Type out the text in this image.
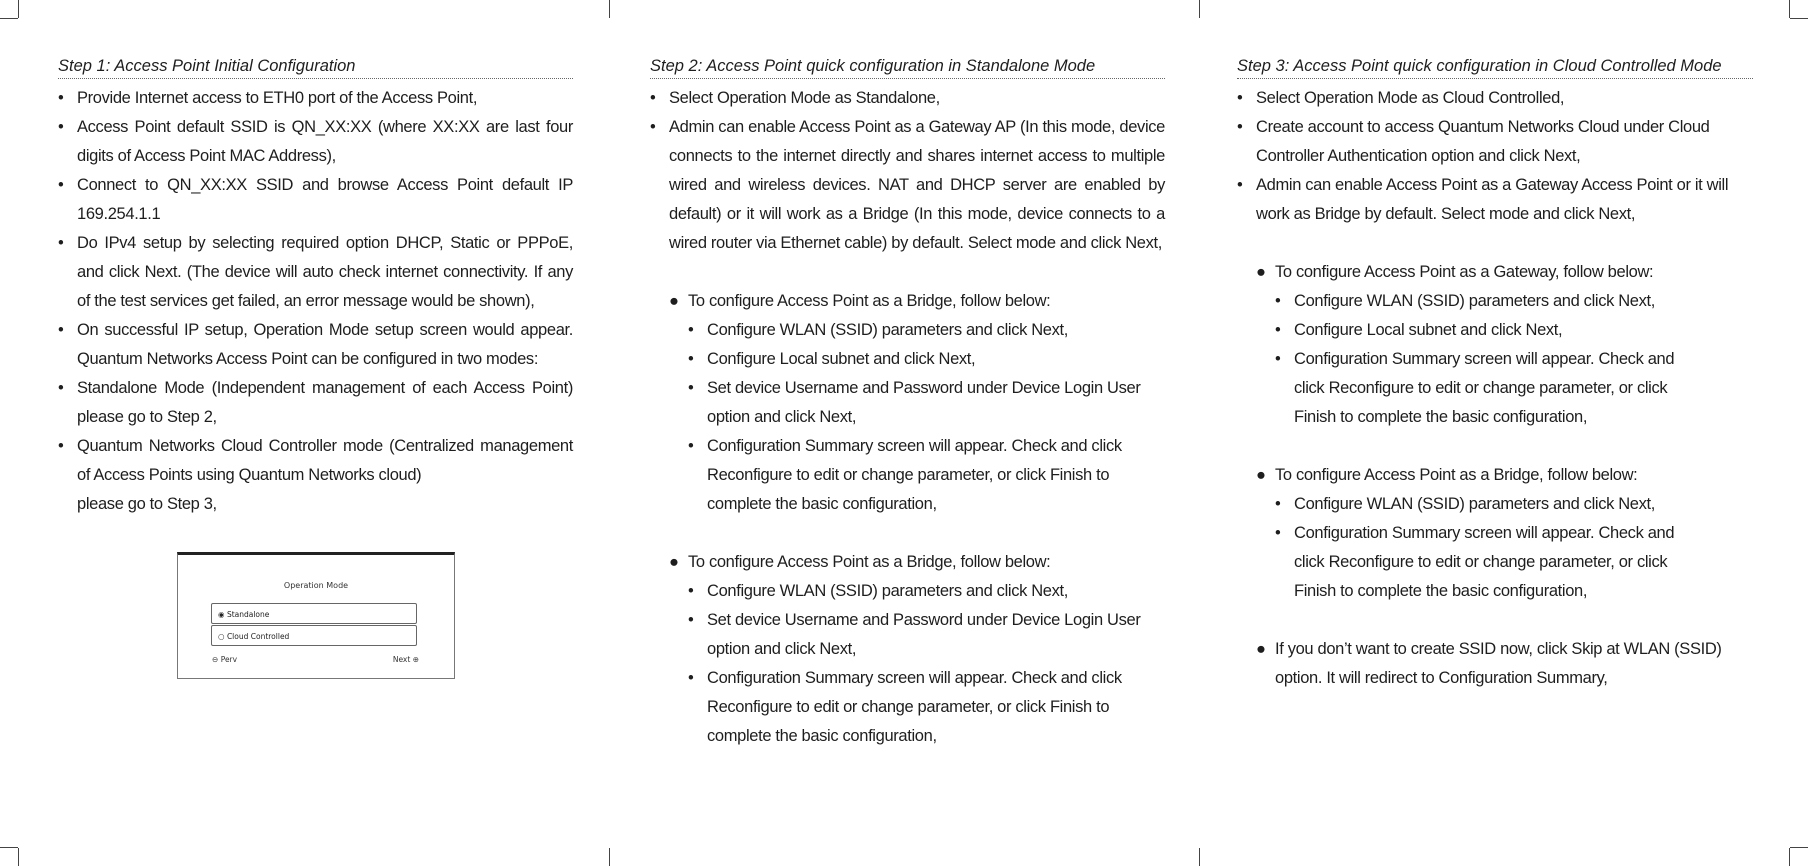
Step 1: Access Point Initial Configuration
• Provide Internet access to ETH0 port of the Access Point,
• Access Point default SSID is QN_XX:XX (where XX:XX are last four digits of Access Point MAC Address),
• Connect to QN_XX:XX SSID and browse Access Point default IP 169.254.1.1
• Do IPv4 setup by selecting required option DHCP, Static or PPPoE, and click Next. (The device will auto check internet connectivity. If any of the test services get failed, an error message would be shown),
• On successful IP setup, Operation Mode setup screen would appear. Quantum Networks Access Point can be configured in two modes:
• Standalone Mode (Independent management of each Access Point) please go to Step 2,
• Quantum Networks Cloud Controller mode (Centralized management of Access Points using Quantum Networks cloud)
please go to Step 3,
Operation Mode
◉ Standalone
○ Cloud Controlled
⊖ Perv	Next ⊕
Step 2: Access Point quick configuration in Standalone Mode
• Select Operation Mode as Standalone,
• Admin can enable Access Point as a Gateway AP (In this mode, device connects to the internet directly and shares internet access to multiple wired and wireless devices. NAT and DHCP server are enabled by default) or it will work as a Bridge (In this mode, device connects to a wired router via Ethernet cable) by default. Select mode and click Next,
● To configure Access Point as a Bridge, follow below:
• Configure WLAN (SSID) parameters and click Next,
• Configure Local subnet and click Next,
• Set device Username and Password under Device Login User option and click Next,
• Configuration Summary screen will appear. Check and click Reconfigure to edit or change parameter, or click Finish to complete the basic configuration,
● To configure Access Point as a Bridge, follow below:
• Configure WLAN (SSID) parameters and click Next,
• Set device Username and Password under Device Login User option and click Next,
• Configuration Summary screen will appear. Check and click Reconfigure to edit or change parameter, or click Finish to complete the basic configuration,
Step 3: Access Point quick configuration in Cloud Controlled Mode
• Select Operation Mode as Cloud Controlled,
• Create account to access Quantum Networks Cloud under Cloud Controller Authentication option and click Next,
• Admin can enable Access Point as a Gateway Access Point or it will work as Bridge by default. Select mode and click Next,
● To configure Access Point as a Gateway, follow below:
• Configure WLAN (SSID) parameters and click Next,
• Configure Local subnet and click Next,
• Configuration Summary screen will appear. Check and click Reconfigure to edit or change parameter, or click Finish to complete the basic configuration,
● To configure Access Point as a Bridge, follow below:
• Configure WLAN (SSID) parameters and click Next,
• Configuration Summary screen will appear. Check and click Reconfigure to edit or change parameter, or click Finish to complete the basic configuration,
● If you don’t want to create SSID now, click Skip at WLAN (SSID) option. It will redirect to Configuration Summary,
